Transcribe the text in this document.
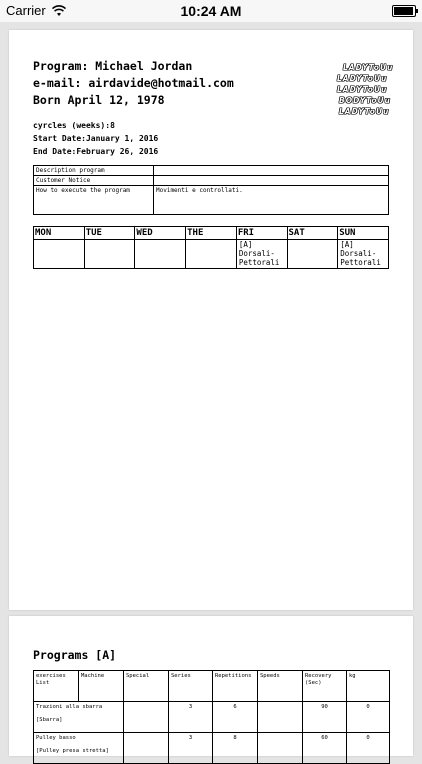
Carrier	10:24 AM
Program: Michael Jordan
e-mail: airdavide@hotmail.com
Born April 12, 1978
LADYToUu
LADYToUu
LADYToUu
BODYToUu
LADYToUu
cyrcles (weeks):8
Start Date:January 1, 2016
End Date:February 26, 2016
Description program	
Customer Notice	
How to execute the program	Movimenti e controllati.
MON	TUE	WED	THE	FRI	SAT	SUN
				[A]
Dorsali-
Pettorali		[A]
Dorsali-
Pettorali
Programs [A]
exercises List	Machine	Special	Series	Repetitions	Speeds	Recovery (Sec)	kg

Trazioni alla sbarra
[Sbarra]			3	6		90	0

Pulley basso
[Pulley presa stretta]			3	8		60	0
